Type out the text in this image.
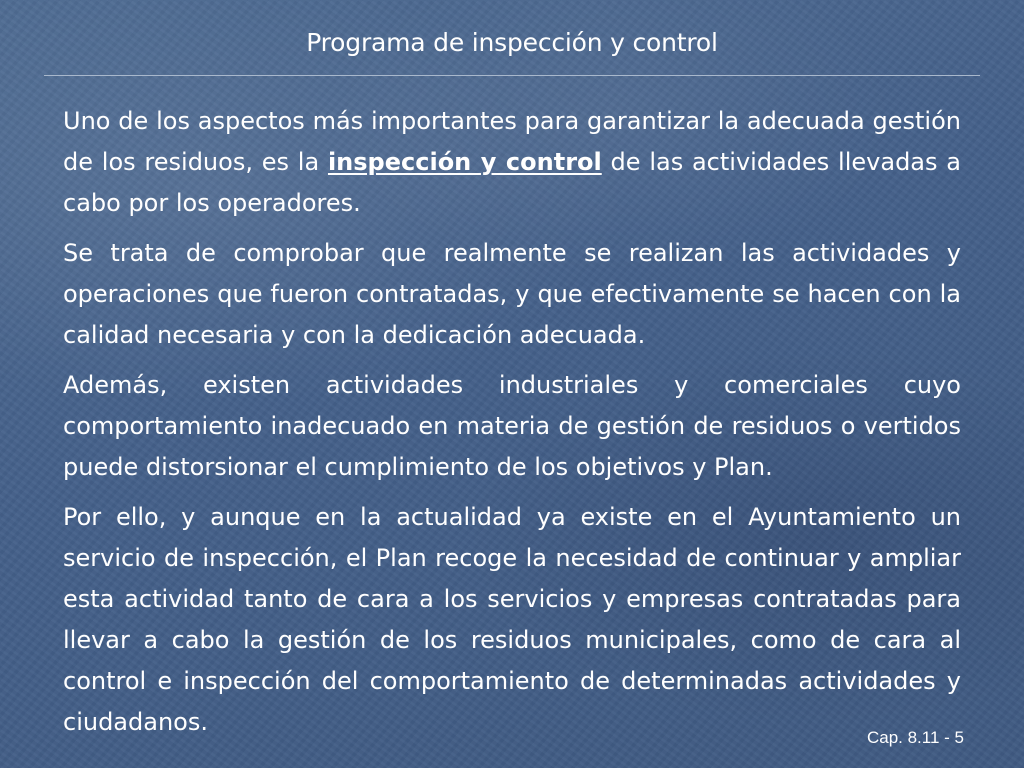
Programa de inspección y control

Uno de los aspectos más importantes para garantizar la adecuada gestión de los residuos, es la inspección y control de las actividades llevadas a cabo por los operadores.

Se trata de comprobar que realmente se realizan las actividades y operaciones que fueron contratadas, y que efectivamente se hacen con la calidad necesaria y con la dedicación adecuada.

Además, existen actividades industriales y comerciales cuyo comportamiento inadecuado en materia de gestión de residuos o vertidos puede distorsionar el cumplimiento de los objetivos y Plan.

Por ello, y aunque en la actualidad ya existe en el Ayuntamiento un servicio de inspección, el Plan recoge la necesidad de continuar y ampliar esta actividad tanto de cara a los servicios y empresas contratadas para llevar a cabo la gestión de los residuos municipales, como de cara al control e inspección del comportamiento de determinadas actividades y ciudadanos.

Cap. 8.11 - 5
